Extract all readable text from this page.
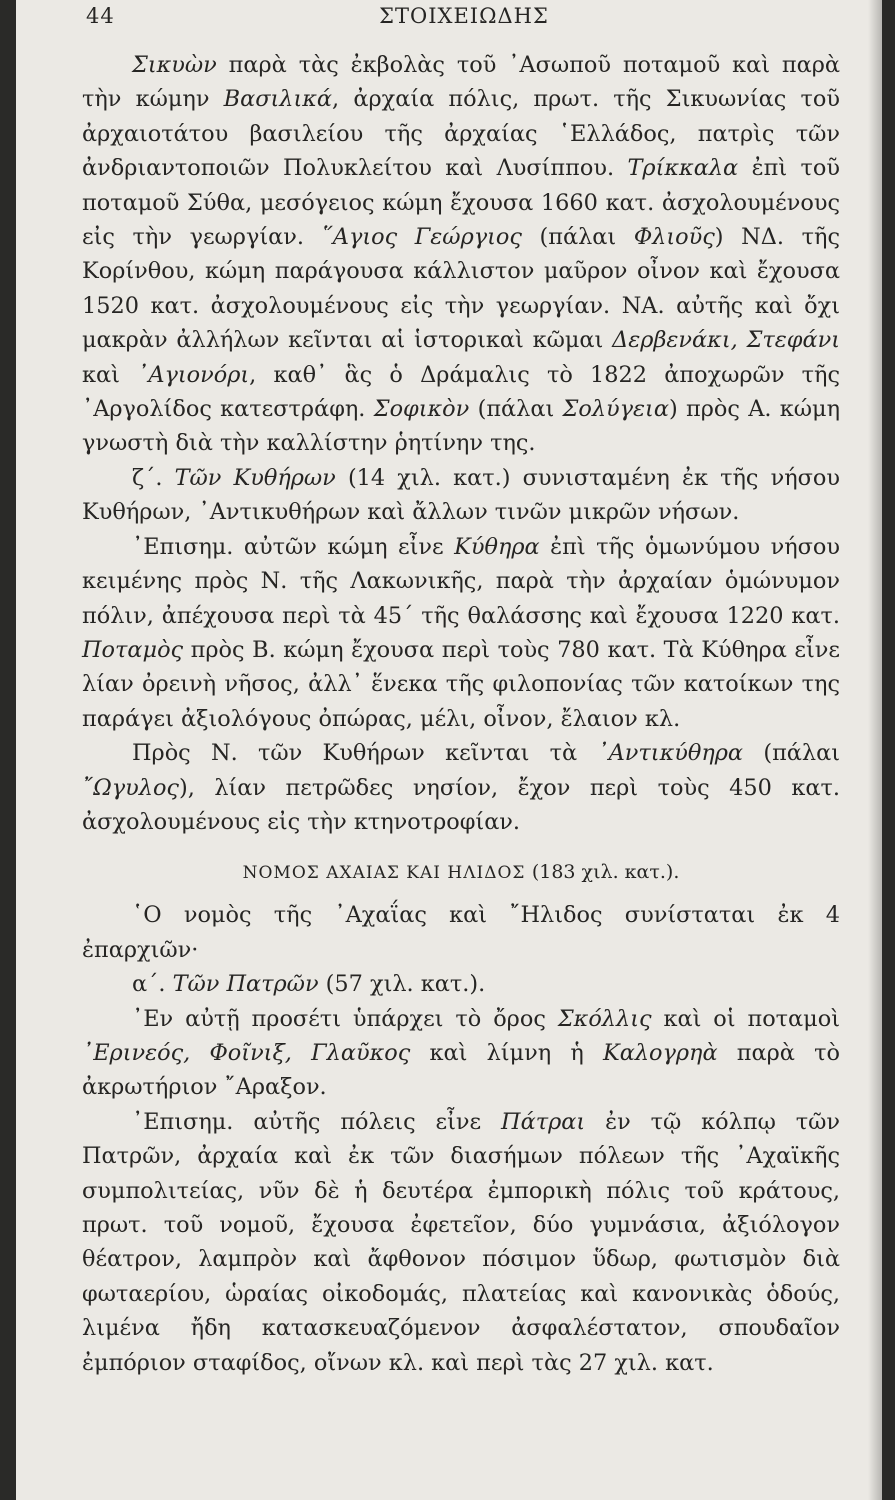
44	ΣΤΟΙΧΕΙΩΔΗΣ

Σικυὼν παρὰ τὰς ἐκβολὰς τοῦ ᾿Ασωποῦ ποταμοῦ καὶ παρὰ τὴν κώμην Βασιλικά, ἀρχαία πόλις, πρωτ. τῆς Σικυωνίας τοῦ ἀρχαιοτάτου βασιλείου τῆς ἀρχαίας ῾Ελλάδος, πατρὶς τῶν ἀνδριαντοποιῶν Πολυκλείτου καὶ Λυσίππου. Τρίκκαλα ἐπὶ τοῦ ποταμοῦ Σύθα, μεσόγειος κώμη ἔχουσα 1660 κατ. ἀσχολουμένους εἰς τὴν γεωργίαν. ῞Αγιος Γεώργιος (πάλαι Φλιοῦς) ΝΔ. τῆς Κορίνθου, κώμη παράγουσα κάλλιστον μαῦρον οἶνον καὶ ἔχουσα 1520 κατ. ἀσχολουμένους εἰς τὴν γεωργίαν. ΝΑ. αὐτῆς καὶ ὄχι μακρὰν ἀλλήλων κεῖνται αἱ ἱστορικαὶ κῶμαι Δερβενάκι, Στεφάνι καὶ ᾿Αγιονόρι, καθ᾿ ἃς ὁ Δράμαλις τὸ 1822 ἀποχωρῶν τῆς ᾿Αργολίδος κατεστράφη. Σοφικὸν (πάλαι Σολύγεια) πρὸς Α. κώμη γνωστὴ διὰ τὴν καλλίστην ῥητίνην της.

ζ΄. Τῶν Κυθήρων (14 χιλ. κατ.) συνισταμένη ἐκ τῆς νήσου Κυθήρων, ᾿Αντικυθήρων καὶ ἄλλων τινῶν μικρῶν νήσων.

᾿Επισημ. αὐτῶν κώμη εἶνε Κύθηρα ἐπὶ τῆς ὁμωνύμου νήσου κειμένης πρὸς Ν. τῆς Λακωνικῆς, παρὰ τὴν ἀρχαίαν ὁμώνυμον πόλιν, ἀπέχουσα περὶ τὰ 45΄ τῆς θαλάσσης καὶ ἔχουσα 1220 κατ. Ποταμὸς πρὸς Β. κώμη ἔχουσα περὶ τοὺς 780 κατ. Τὰ Κύθηρα εἶνε λίαν ὀρεινὴ νῆσος, ἀλλ᾿ ἕνεκα τῆς φιλοπονίας τῶν κατοίκων της παράγει ἀξιολόγους ὀπώρας, μέλι, οἶνον, ἔλαιον κλ.

Πρὸς Ν. τῶν Κυθήρων κεῖνται τὰ ᾿Αντικύθηρα (πάλαι ῎Ωγυλος), λίαν πετρῶδες νησίον, ἔχον περὶ τοὺς 450 κατ. ἀσχολουμένους εἰς τὴν κτηνοτροφίαν.

ΝΟΜΟΣ ΑΧΑΙΑΣ ΚΑΙ ΗΛΙΔΟΣ (183 χιλ. κατ.).

῾Ο νομὸς τῆς ᾿Αχαΐας καὶ ῎Ηλιδος συνίσταται ἐκ 4 ἐπαρχιῶν·

α΄. Τῶν Πατρῶν (57 χιλ. κατ.).

᾿Εν αὐτῇ προσέτι ὑπάρχει τὸ ὄρος Σκόλλις καὶ οἱ ποταμοὶ ᾿Ερινεός, Φοῖνιξ, Γλαῦκος καὶ λίμνη ἡ Καλογρηὰ παρὰ τὸ ἀκρωτήριον ῎Αραξον.

᾿Επισημ. αὐτῆς πόλεις εἶνε Πάτραι ἐν τῷ κόλπῳ τῶν Πατρῶν, ἀρχαία καὶ ἐκ τῶν διασήμων πόλεων τῆς ᾿Αχαϊκῆς συμπολιτείας, νῦν δὲ ἡ δευτέρα ἐμπορικὴ πόλις τοῦ κράτους, πρωτ. τοῦ νομοῦ, ἔχουσα ἐφετεῖον, δύο γυμνάσια, ἀξιόλογον θέατρον, λαμπρὸν καὶ ἄφθονον πόσιμον ὕδωρ, φωτισμὸν διὰ φωταερίου, ὡραίας οἰκοδομάς, πλατείας καὶ κανονικὰς ὁδούς, λιμένα ἤδη κατασκευαζόμενον ἀσφαλέστατον, σπουδαῖον ἐμπόριον σταφίδος, οἴνων κλ. καὶ περὶ τὰς 27 χιλ. κατ.
